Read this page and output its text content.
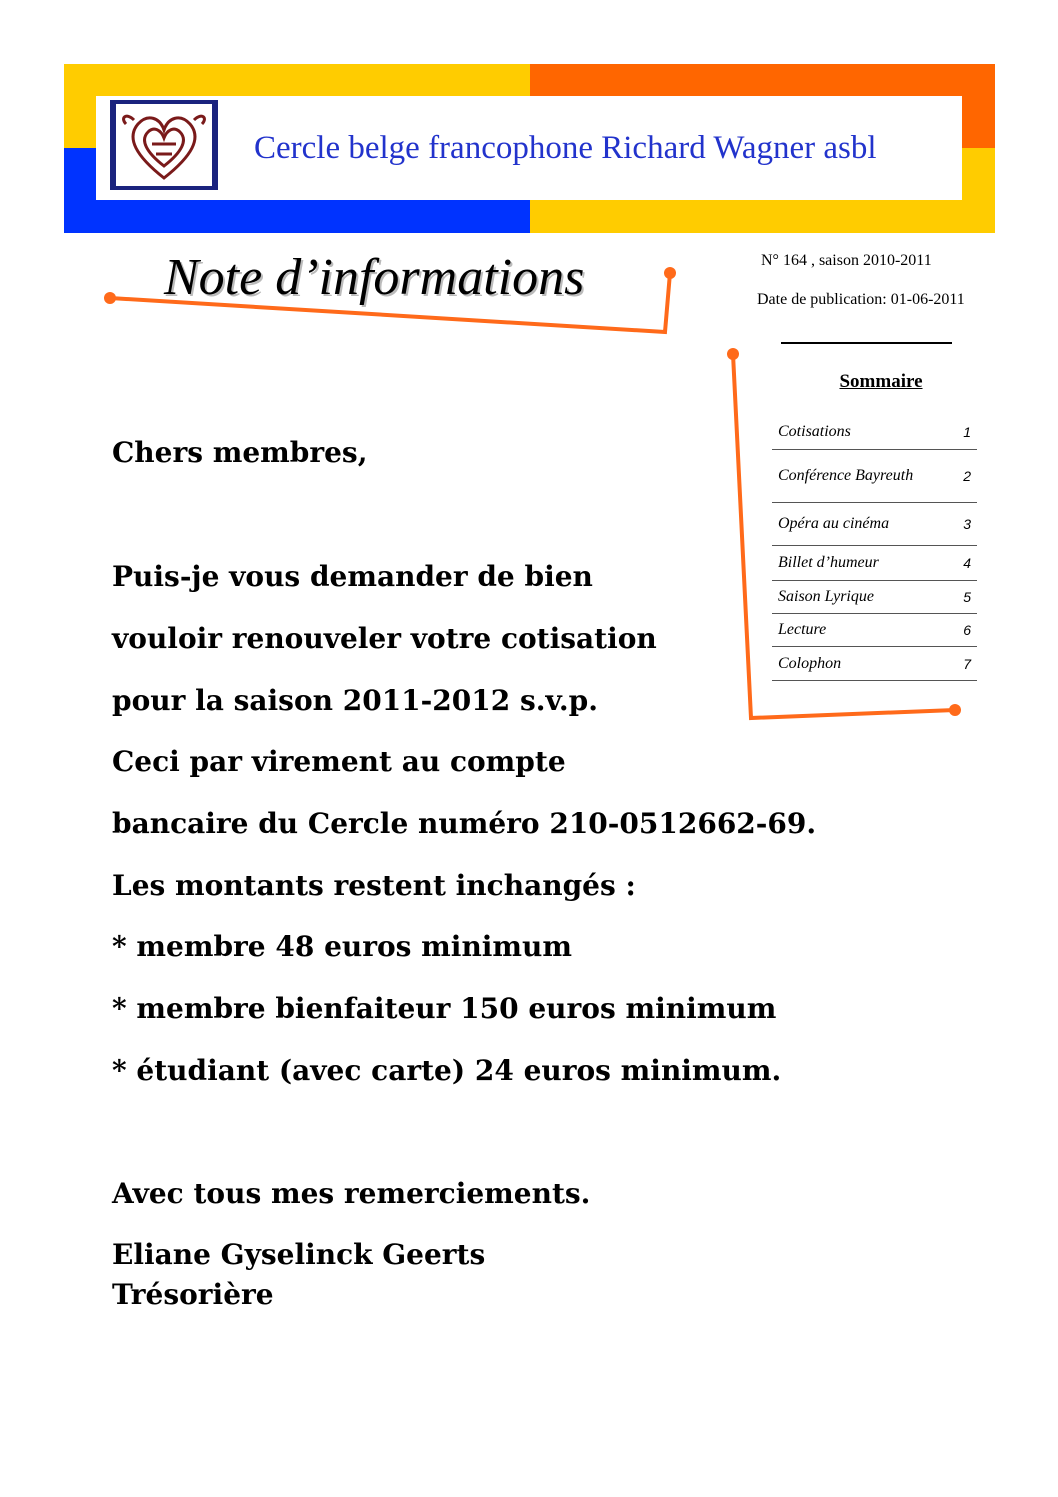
Cercle belge francophone Richard Wagner asbl
Note d’informations	N° 164 , saison 2010-2011
Date de publication: 01-06-2011
Sommaire
Cotisations	1
Conférence Bayreuth	2
Opéra au cinéma	3
Billet d’humeur	4
Saison Lyrique	5
Lecture	6
Colophon	7
Chers membres,
Puis-je vous demander de bien
vouloir renouveler votre cotisation
pour la saison 2011-2012 s.v.p.
Ceci par virement au compte
bancaire du Cercle numéro 210-0512662-69.
Les montants restent inchangés :
* membre 48 euros minimum
* membre bienfaiteur 150 euros minimum
* étudiant (avec carte) 24 euros minimum.
Avec tous mes remerciements.
Eliane Gyselinck Geerts
Trésorière
